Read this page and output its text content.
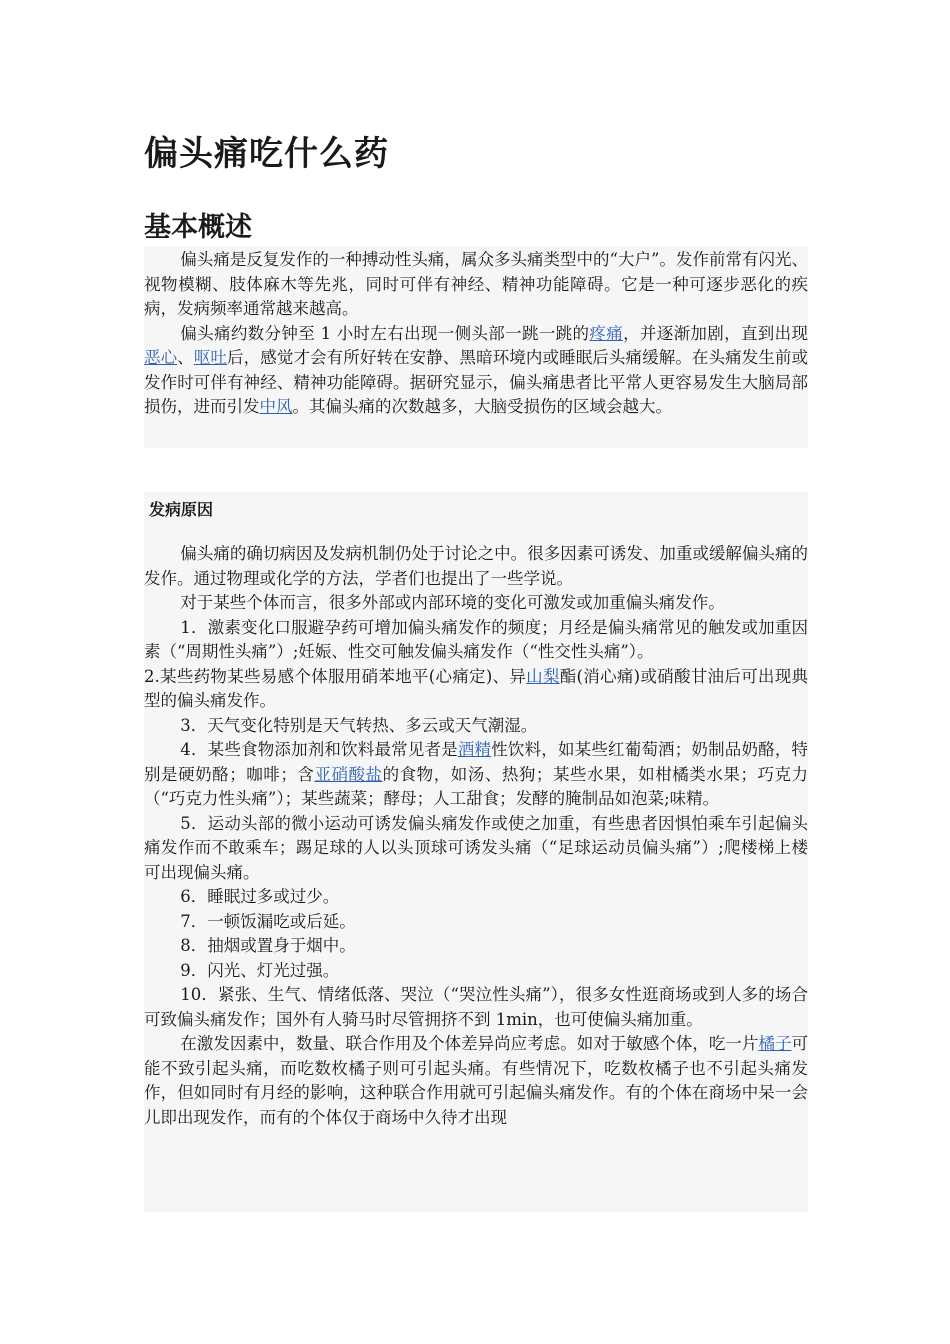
偏头痛吃什么药
基本概述

偏头痛是反复发作的一种搏动性头痛，属众多头痛类型中的“大户”。发作前常有闪光、视物模糊、肢体麻木等先兆，同时可伴有神经、精神功能障碍。它是一种可逐步恶化的疾病，发病频率通常越来越高。

偏头痛约数分钟至 1 小时左右出现一侧头部一跳一跳的疼痛，并逐渐加剧，直到出现恶心、呕吐后，感觉才会有所好转在安静、黑暗环境内或睡眠后头痛缓解。在头痛发生前或发作时可伴有神经、精神功能障碍。据研究显示，偏头痛患者比平常人更容易发生大脑局部损伤，进而引发中风。其偏头痛的次数越多，大脑受损伤的区域会越大。

发病原因

偏头痛的确切病因及发病机制仍处于讨论之中。很多因素可诱发、加重或缓解偏头痛的发作。通过物理或化学的方法，学者们也提出了一些学说。

对于某些个体而言，很多外部或内部环境的变化可激发或加重偏头痛发作。

1．激素变化口服避孕药可增加偏头痛发作的频度；月经是偏头痛常见的触发或加重因素（“周期性头痛”）;妊娠、性交可触发偏头痛发作（“性交性头痛”）。

2.某些药物某些易感个体服用硝苯地平(心痛定)、异山梨酯(消心痛)或硝酸甘油后可出现典型的偏头痛发作。

3．天气变化特别是天气转热、多云或天气潮湿。

4．某些食物添加剂和饮料最常见者是酒精性饮料，如某些红葡萄酒；奶制品奶酪，特别是硬奶酪；咖啡；含亚硝酸盐的食物，如汤、热狗；某些水果，如柑橘类水果；巧克力（“巧克力性头痛”）；某些蔬菜；酵母；人工甜食；发酵的腌制品如泡菜;味精。

5．运动头部的微小运动可诱发偏头痛发作或使之加重，有些患者因惧怕乘车引起偏头痛发作而不敢乘车；踢足球的人以头顶球可诱发头痛（“足球运动员偏头痛”）;爬楼梯上楼可出现偏头痛。

6．睡眠过多或过少。

7．一顿饭漏吃或后延。

8．抽烟或置身于烟中。

9．闪光、灯光过强。

10．紧张、生气、情绪低落、哭泣（“哭泣性头痛”），很多女性逛商场或到人多的场合可致偏头痛发作；国外有人骑马时尽管拥挤不到 1min，也可使偏头痛加重。

在激发因素中，数量、联合作用及个体差异尚应考虑。如对于敏感个体，吃一片橘子可能不致引起头痛，而吃数枚橘子则可引起头痛。有些情况下，吃数枚橘子也不引起头痛发作，但如同时有月经的影响，这种联合作用就可引起偏头痛发作。有的个体在商场中呆一会儿即出现发作，而有的个体仅于商场中久待才出现
